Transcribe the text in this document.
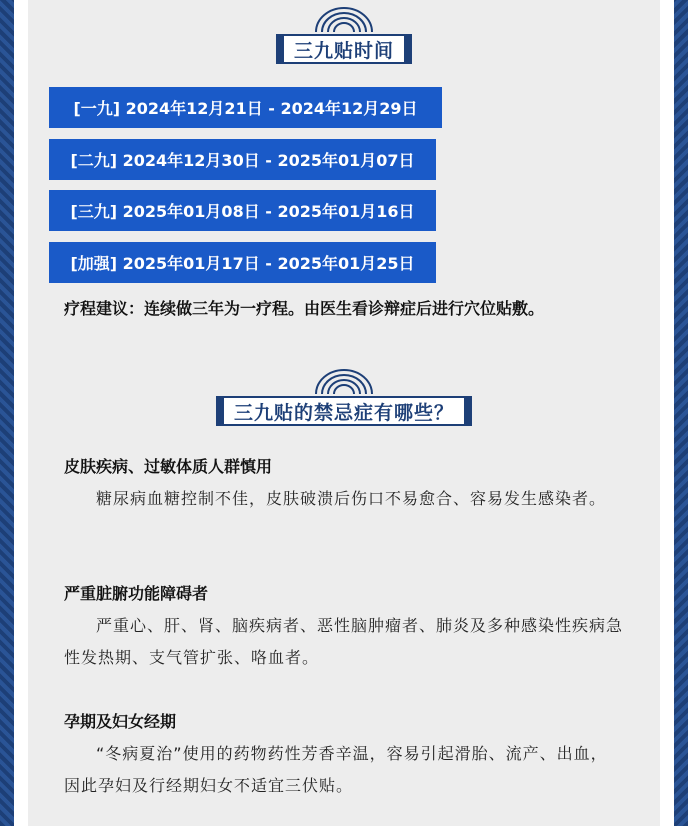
三九贴时间
[一九] 2024年12月21日 - 2024年12月29日
[二九] 2024年12月30日 - 2025年01月07日
[三九] 2025年01月08日 - 2025年01月16日
[加强] 2025年01月17日 - 2025年01月25日
疗程建议：连续做三年为一疗程。由医生看诊辩症后进行穴位贴敷。
三九贴的禁忌症有哪些？
皮肤疾病、过敏体质人群慎用
糖尿病血糖控制不佳，皮肤破溃后伤口不易愈合、容易发生感染者。
严重脏腑功能障碍者
严重心、肝、肾、脑疾病者、恶性脑肿瘤者、肺炎及多种感染性疾病急性发热期、支气管扩张、咯血者。
孕期及妇女经期
“冬病夏治”使用的药物药性芳香辛温，容易引起滑胎、流产、出血，因此孕妇及行经期妇女不适宜三伏贴。
